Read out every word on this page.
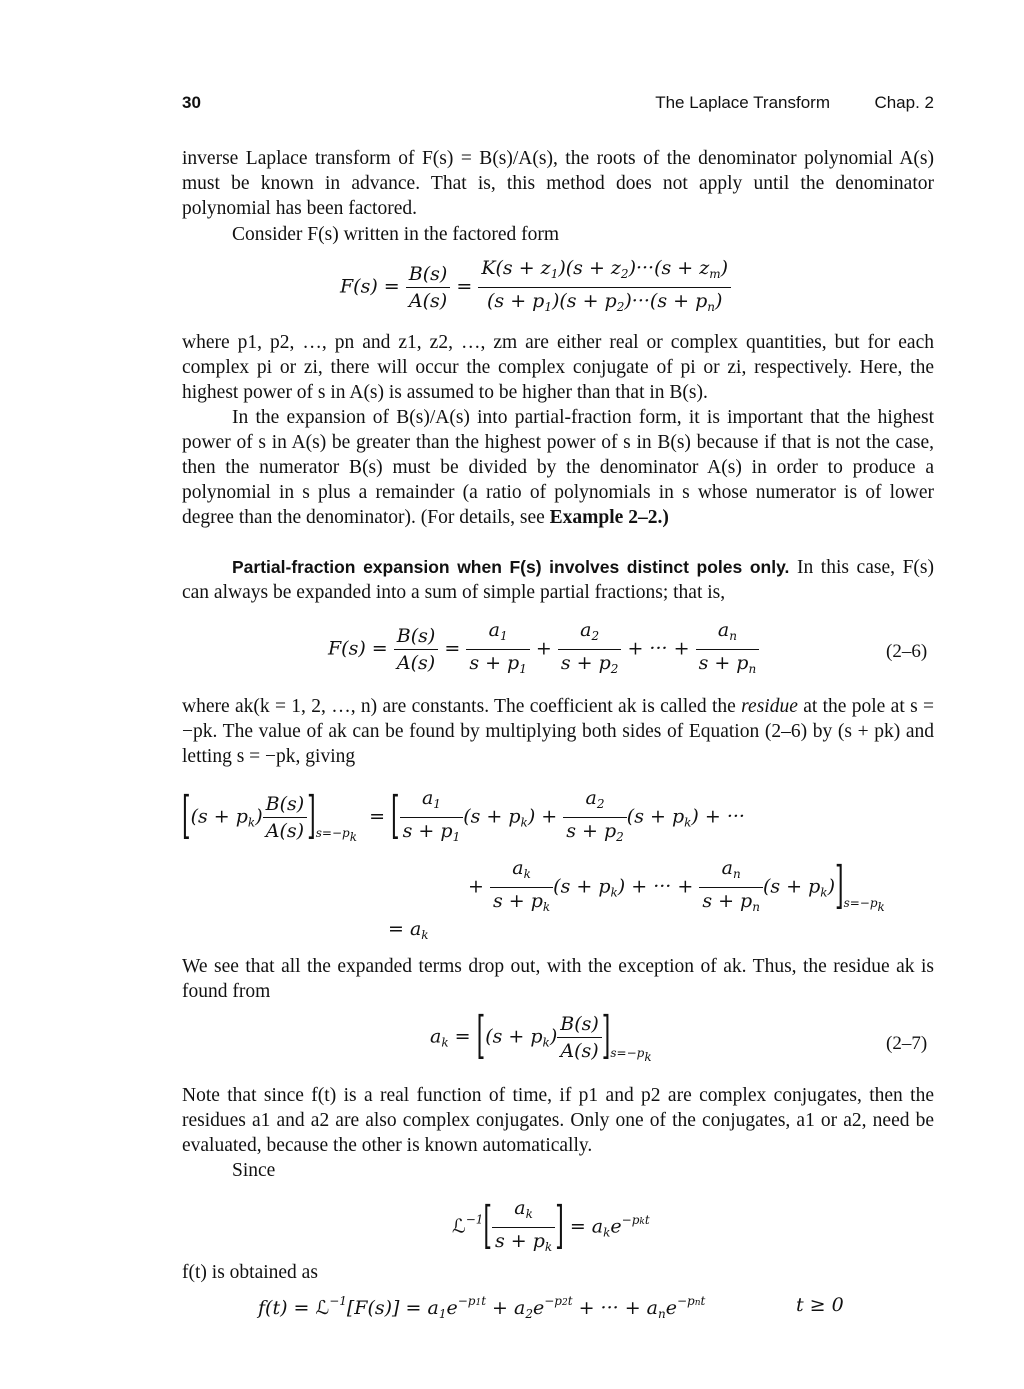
30	The Laplace Transform	Chap. 2
inverse Laplace transform of F(s) = B(s)/A(s), the roots of the denominator polynomial A(s) must be known in advance. That is, this method does not apply until the denominator polynomial has been factored.
Consider F(s) written in the factored form
$F(s) = \frac{B(s)}{A(s)} = \frac{K(s + z_1)(s + z_2)\cdot\cdot\cdot(s + z_m)}{(s + p_1)(s + p_2)\cdot\cdot\cdot(s + p_n)}$
where p1, p2, …, pn and z1, z2, …, zm are either real or complex quantities, but for each complex pi or zi, there will occur the complex conjugate of pi or zi, respectively. Here, the highest power of s in A(s) is assumed to be higher than that in B(s).
In the expansion of B(s)/A(s) into partial-fraction form, it is important that the highest power of s in A(s) be greater than the highest power of s in B(s) because if that is not the case, then the numerator B(s) must be divided by the denominator A(s) in order to produce a polynomial in s plus a remainder (a ratio of polynomials in s whose numerator is of lower degree than the denominator). (For details, see Example 2–2.)
Partial-fraction expansion when F(s) involves distinct poles only. In this case, F(s) can always be expanded into a sum of simple partial fractions; that is,
$F(s) = \frac{B(s)}{A(s)} = \frac{a_1}{s + p_1} + \frac{a_2}{s + p_2}$ + ··· + $\frac{a_n}{s + p_n}$	(2–6)
where ak(k = 1, 2, …, n) are constants. The coefficient ak is called the residue at the pole at s = −pk. The value of ak can be found by multiplying both sides of Equation (2–6) by (s + pk) and letting s = −pk, giving
$[(s + p_k) \frac{B(s)}{A(s)} ]_{s=-pk}$  = [ $\frac{a_1}{s + p_1} (s + p_k) + \frac{a_2}{s + p_2} (s + p_k)$ + ···
+ $\frac{a_k}{s + p_k} (s + p_k)$ + ··· + $\frac{a_n}{s + p_n} (s + p_k)]_{s=-pk}$
= $a_k$
We see that all the expanded terms drop out, with the exception of ak. Thus, the residue ak is found from
$a_k = [(s + p_k) \frac{B(s)}{A(s)} ]_{s=-pk}$
(2–7)
Note that since f(t) is a real function of time, if p1 and p2 are complex conjugates, then the residues a1 and a2 are also complex conjugates. Only one of the conjugates, a1 or a2, need be evaluated, because the other is known automatically.
Since
ℒ$^{-1}$[ $\frac{a_k}{s + p_k}$ ] = $a_ke^{-pkt}$
f(t) is obtained as
f(t) = ℒ$^{-1}$[F(s)] = $a_1e^{-p1t} + a_2e^{-p2t}$ + ··· + $a_ne^{-pnt}$	t ≥ 0
